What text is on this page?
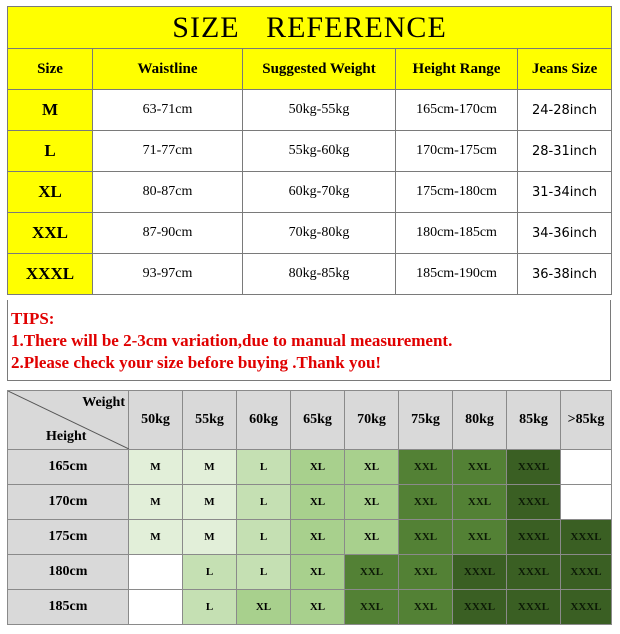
SIZE REFERENCE				
Size	Waistline	Suggested Weight	Height Range	Jeans Size
M	63-71cm	50kg-55kg	165cm-170cm	24-28inch
L	71-77cm	55kg-60kg	170cm-175cm	28-31inch
XL	80-87cm	60kg-70kg	175cm-180cm	31-34inch
XXL	87-90cm	70kg-80kg	180cm-185cm	34-36inch
XXXL	93-97cm	80kg-85kg	185cm-190cm	36-38inch
TIPS:
1.There will be 2-3cm variation,due to manual measurement.
2.Please check your size before buying .Thank you!
Weight
Height	50kg	55kg	60kg	65kg	70kg	75kg	80kg	85kg	>85kg
165cm	M	M	L	XL	XL	XXL	XXL	XXXL	
170cm	M	M	L	XL	XL	XXL	XXL	XXXL	
175cm	M	M	L	XL	XL	XXL	XXL	XXXL	XXXL
180cm		L	L	XL	XXL	XXL	XXXL	XXXL	XXXL
185cm		L	XL	XL	XXL	XXL	XXXL	XXXL	XXXL
